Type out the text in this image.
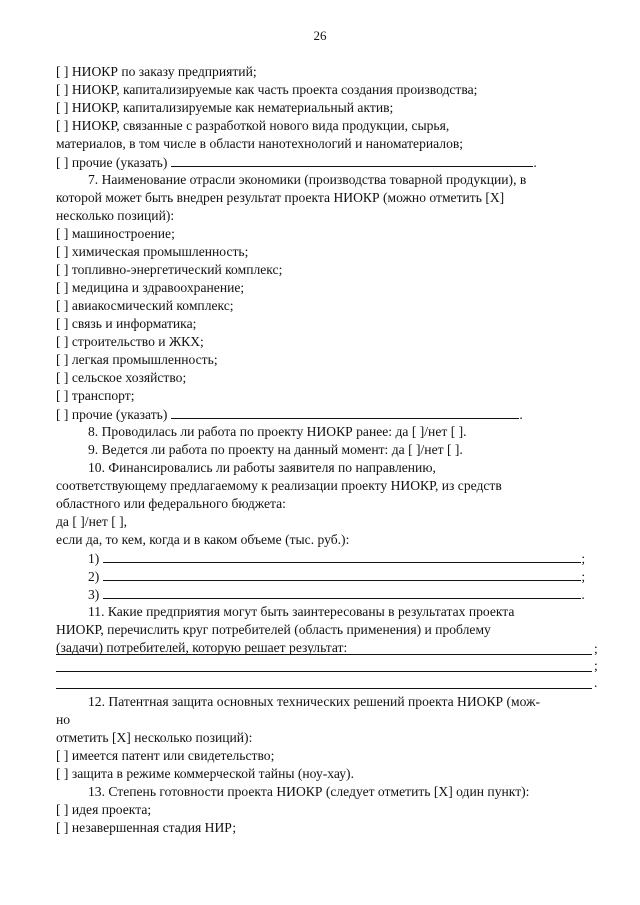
26
[ ] НИОКР по заказу предприятий;
[ ] НИОКР, капитализируемые как часть проекта создания производства;
[ ] НИОКР, капитализируемые как нематериальный актив;
[ ] НИОКР, связанные с разработкой нового вида продукции, сырья,
материалов, в том числе в области нанотехнологий и наноматериалов;
[ ] прочие (указать)	.
7. Наименование отрасли экономики (производства товарной продукции), в
которой может быть внедрен результат проекта НИОКР (можно отметить [X]
несколько позиций):
[ ] машиностроение;
[ ] химическая промышленность;
[ ] топливно-энергетический комплекс;
[ ] медицина и здравоохранение;
[ ] авиакосмический комплекс;
[ ] связь и информатика;
[ ] строительство и ЖКХ;
[ ] легкая промышленность;
[ ] сельское хозяйство;
[ ] транспорт;
[ ] прочие (указать)	.
8. Проводилась ли работа по проекту НИОКР ранее: да [ ]/нет [ ].
9. Ведется ли работа по проекту на данный момент: да [ ]/нет [ ].
10. Финансировались ли работы заявителя по направлению,
соответствующему предлагаемому к реализации проекту НИОКР, из средств
областного или федерального бюджета:
да [ ]/нет [ ],
если да, то кем, когда и в каком объеме (тыс. руб.):
1)	;
2)	;
3)	.
11. Какие предприятия могут быть заинтересованы в результатах проекта
НИОКР, перечислить круг потребителей (область применения) и проблему
(задачи) потребителей, которую решает результат:	;
;
.
12. Патентная защита основных технических решений проекта НИОКР (мож-
но
отметить [X] несколько позиций):
[ ] имеется патент или свидетельство;
[ ] защита в режиме коммерческой тайны (ноу-хау).
13. Степень готовности проекта НИОКР (следует отметить [X] один пункт):
[ ] идея проекта;
[ ] незавершенная стадия НИР;
